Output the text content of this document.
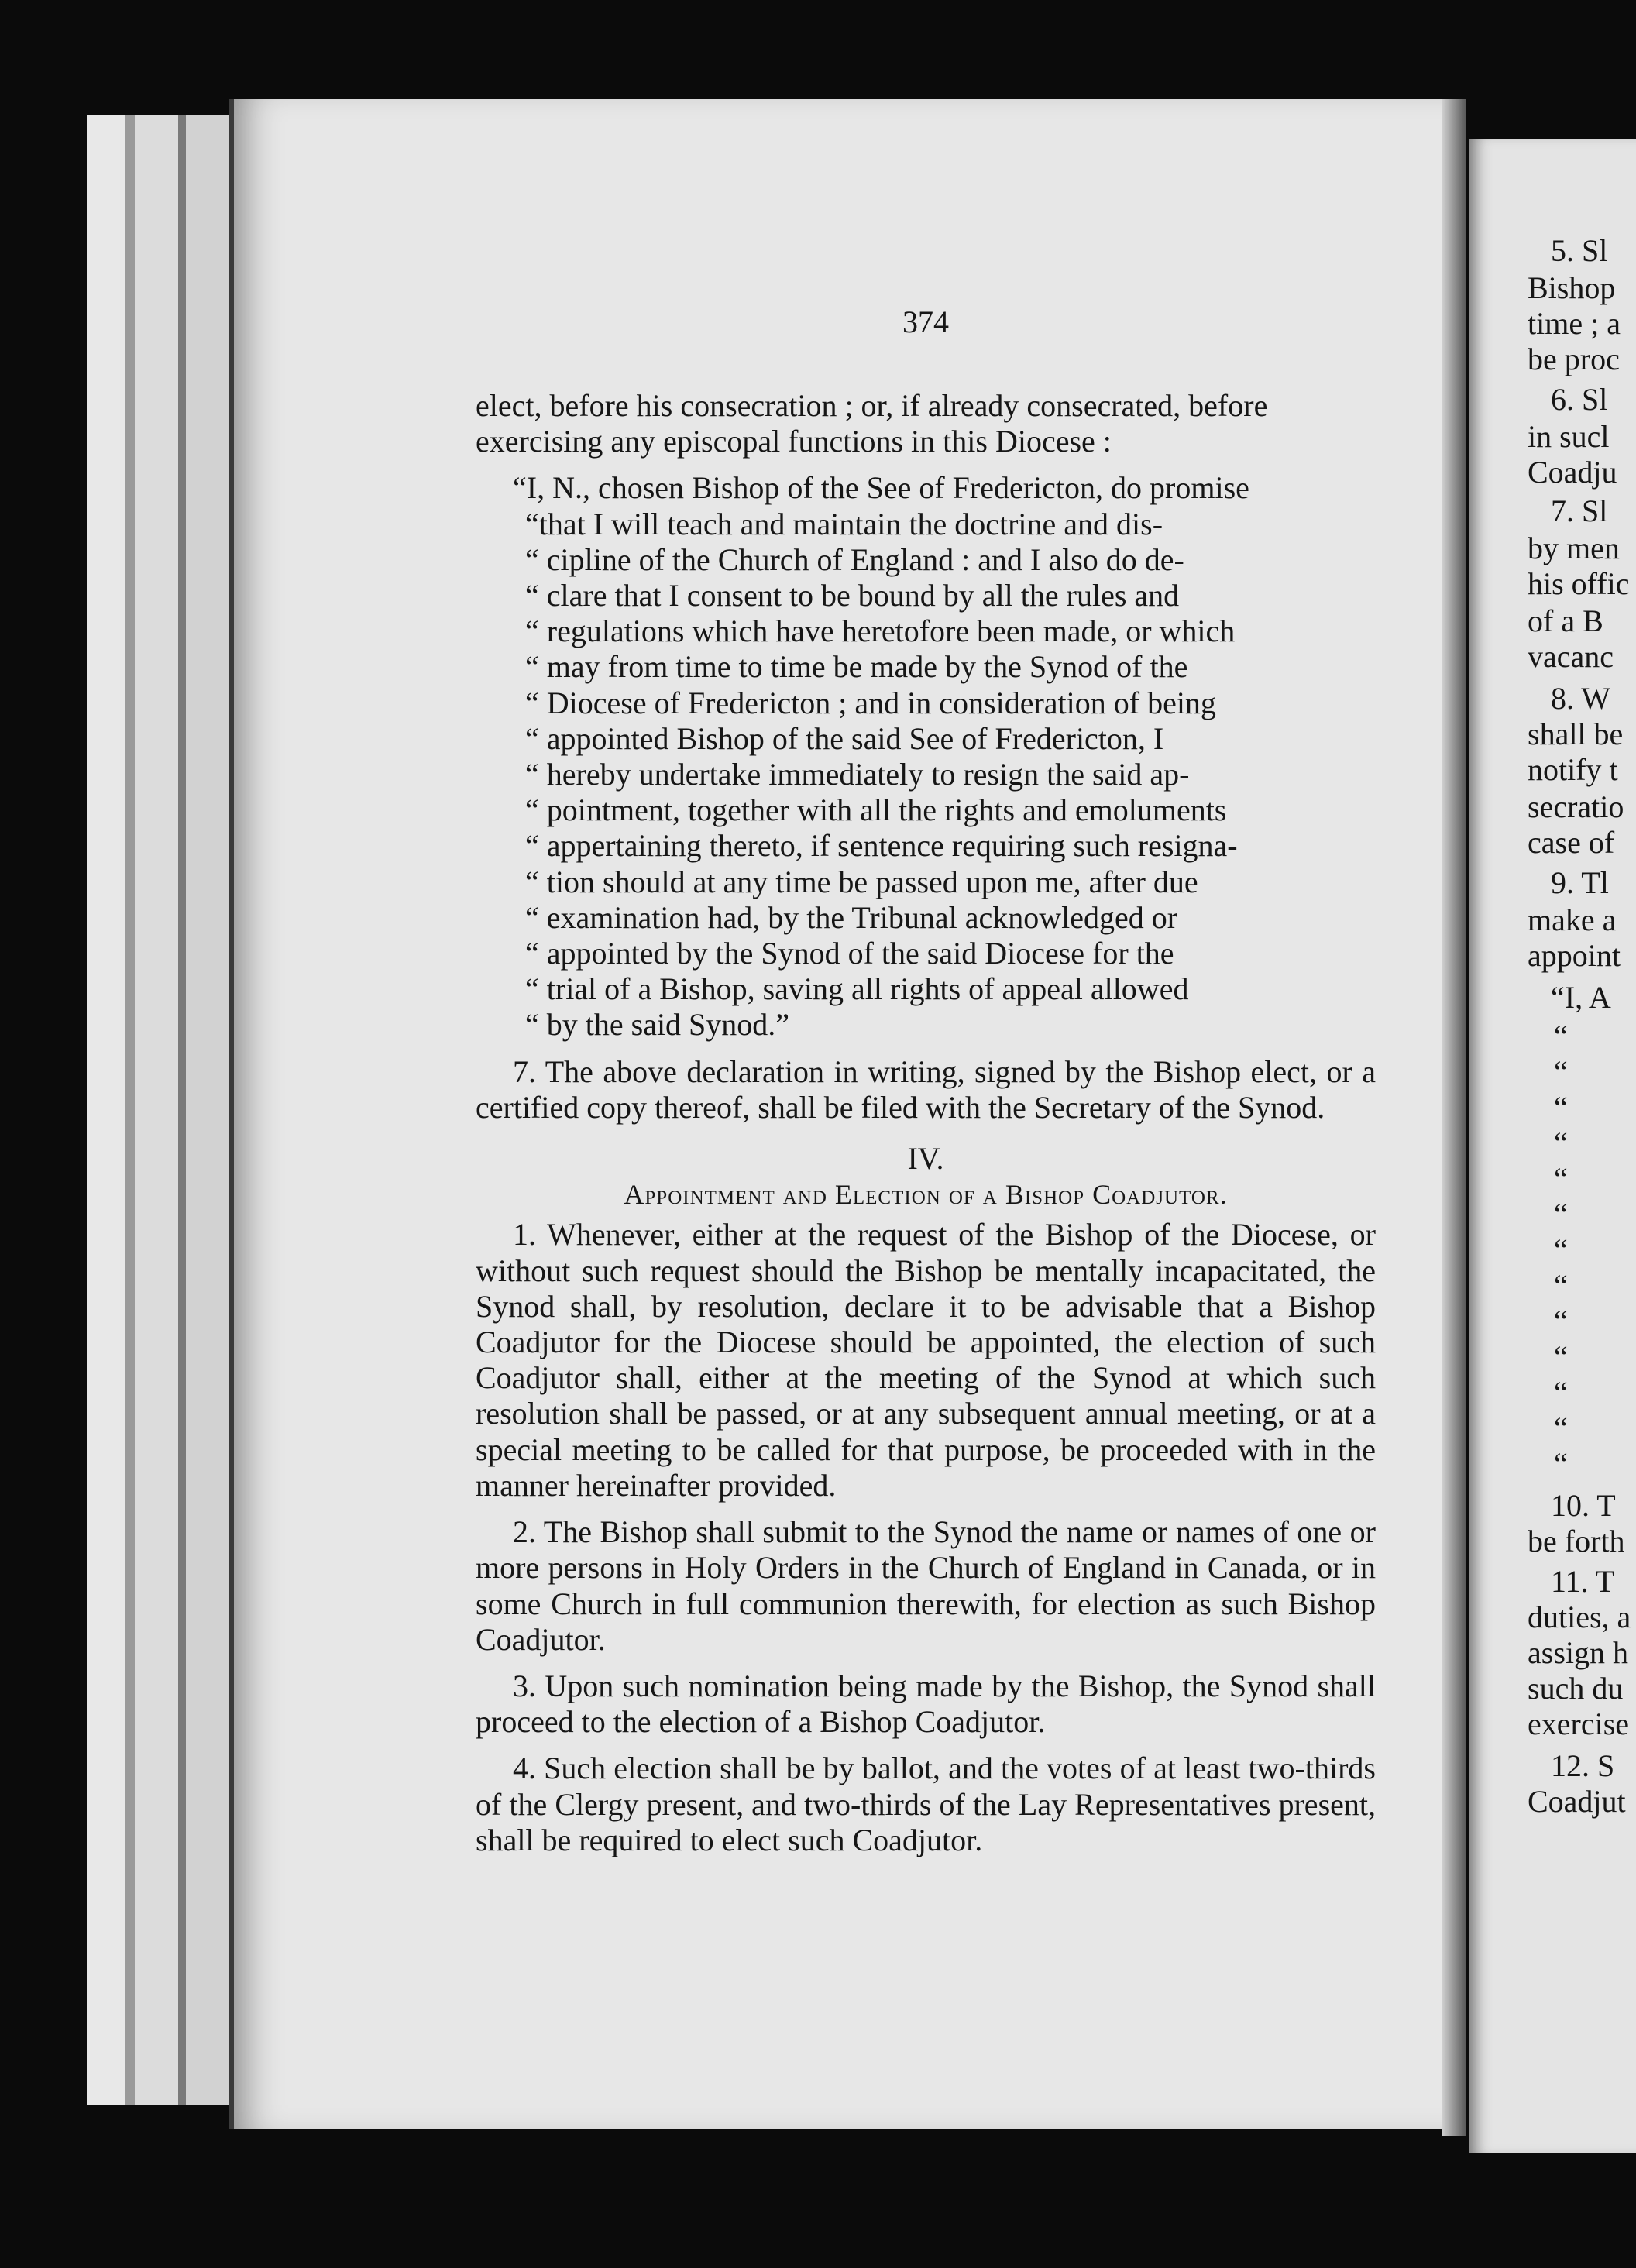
5. Sl
Bishop
time ; a
be proc
6. Sl
in sucl
Coadju
7. Sl
by men
his offic
of a B
vacanc
8. W
shall be
notify t
secratio
case of
9. Tl
make a
appoint
“I, A
“
“
“
“
“
“
“
“
“
“
“
“
“
10. T
be forth
11. T
duties, a
assign h
such du
exercise
12. S
Coadjut
374

elect, before his consecration ; or, if already consecrated, before

exercising any episcopal functions in this Diocese :

“I, N., chosen Bishop of the See of Fredericton, do promise

“that I will teach and maintain the doctrine and dis-

“ cipline of the Church of England : and I also do de-

“ clare that I consent to be bound by all the rules and

“ regulations which have heretofore been made, or which

“ may from time to time be made by the Synod of the

“ Diocese of Fredericton ; and in consideration of being

“ appointed Bishop of the said See of Fredericton, I

“ hereby undertake immediately to resign the said ap-

“ pointment, together with all the rights and emoluments

“ appertaining thereto, if sentence requiring such resigna-

“ tion should at any time be passed upon me, after due

“ examination had, by the Tribunal acknowledged or

“ appointed by the Synod of the said Diocese for the

“ trial of a Bishop, saving all rights of appeal allowed

“ by the said Synod.”

7. The above declaration in writing, signed by the Bishop elect, or a certified copy thereof, shall be filed with the Secretary of the Synod.

IV.

Appointment and Election of a Bishop Coadjutor.

1. Whenever, either at the request of the Bishop of the Diocese, or without such request should the Bishop be mentally incapacitated, the Synod shall, by resolution, declare it to be advisable that a Bishop Coadjutor for the Diocese should be appointed, the election of such Coadjutor shall, either at the meeting of the Synod at which such resolution shall be passed, or at any subsequent annual meeting, or at a special meeting to be called for that purpose, be proceeded with in the manner hereinafter provided.

2. The Bishop shall submit to the Synod the name or names of one or more persons in Holy Orders in the Church of England in Canada, or in some Church in full communion therewith, for election as such Bishop Coadjutor.

3. Upon such nomination being made by the Bishop, the Synod shall proceed to the election of a Bishop Coadjutor.

4. Such election shall be by ballot, and the votes of at least two-thirds of the Clergy present, and two-thirds of the Lay Representatives present, shall be required to elect such Coadjutor.
